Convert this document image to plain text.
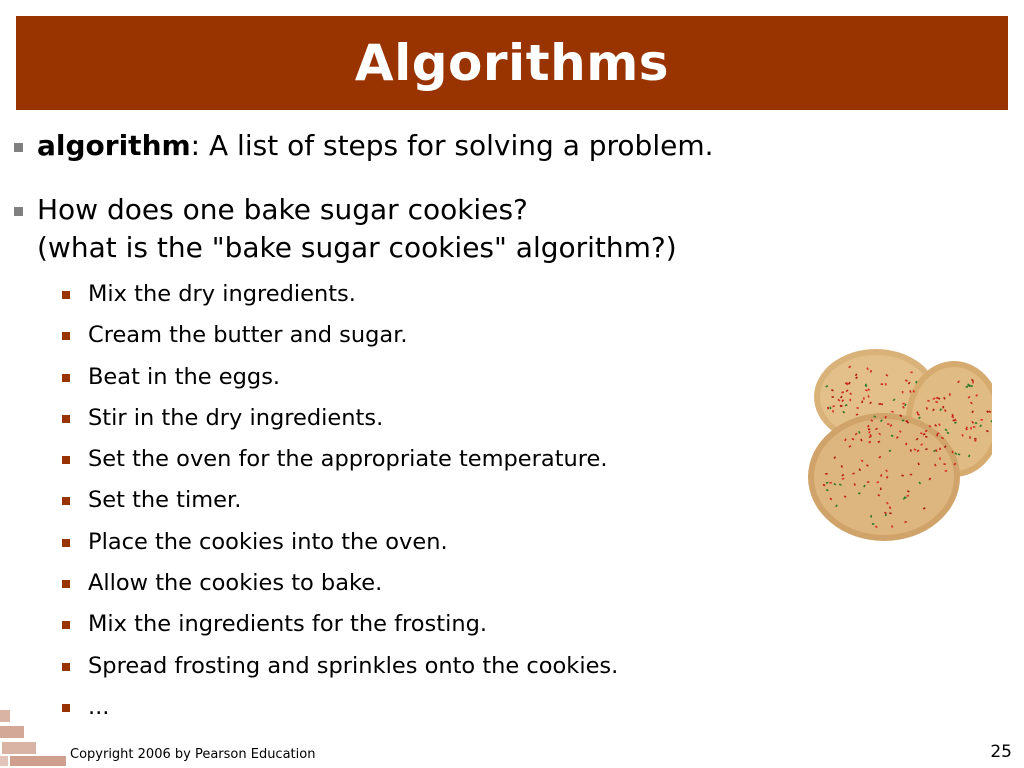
Algorithms
algorithm: A list of steps for solving a problem.
How does one bake sugar cookies?

(what is the "bake sugar cookies" algorithm?)
Mix the dry ingredients.
Cream the butter and sugar.
Beat in the eggs.
Stir in the dry ingredients.
Set the oven for the appropriate temperature.
Set the timer.
Place the cookies into the oven.
Allow the cookies to bake.
Mix the ingredients for the frosting.
Spread frosting and sprinkles onto the cookies.
...
Copyright 2006 by Pearson Education	25
